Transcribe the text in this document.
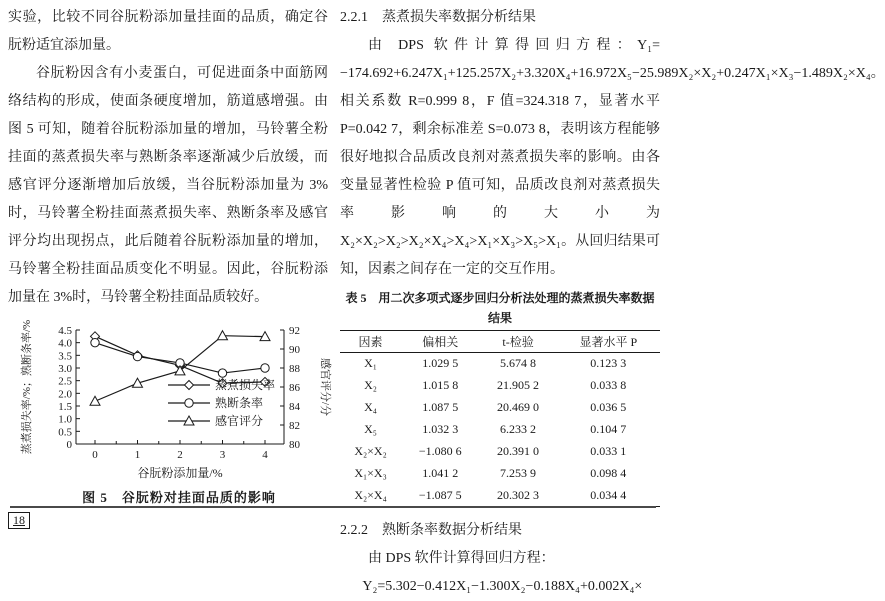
实验，比较不同谷朊粉添加量挂面的品质，确定谷朊粉适宜添加量。
谷朊粉因含有小麦蛋白，可促进面条中面筋网络结构的形成，使面条硬度增加，筋道感增强。由图 5 可知，随着谷朊粉添加量的增加，马铃薯全粉挂面的蒸煮损失率与熟断条率逐渐减少后放缓，而感官评分逐渐增加后放缓，当谷朊粉添加量为 3%时，马铃薯全粉挂面蒸煮损失率、熟断条率及感官评分均出现拐点，此后随着谷朊粉添加量的增加，马铃薯全粉挂面品质变化不明显。因此，谷朊粉添加量在 3%时，马铃薯全粉挂面品质较好。
0
0.5
1.0
1.5
2.0
2.5
3.0
3.5
4.0
4.5
80
82
84
86
88
90
92
0	1	2	3	4
蒸煮损失率/%；熟断条率/%	感官评分/分
谷朊粉添加量/%
蒸煮损失率
熟断条率
感官评分
图 5　谷朊粉对挂面品质的影响
2.2.1　蒸煮损失率数据分析结果
由 DPS 软件计算得回归方程：Y₁= −174.692+6.247X₁+125.257X₂+3.320X₄+16.972X₅−25.989X₂×X₂+0.247X₁×X₃−1.489X₂×X₄。相关系数 R=0.999 8，F 值=324.318 7，显著水平 P=0.042 7，剩余标准差 S=0.073 8，表明该方程能够很好地拟合品质改良剂对蒸煮损失率的影响。由各变量显著性检验 P 值可知，品质改良剂对蒸煮损失率影响的大小为 X₂×X₂>X₂>X₂×X₄>X₄>X₁×X₃>X₅>X₁。从回归结果可知，因素之间存在一定的交互作用。
表 5　用二次多项式逐步回归分析法处理的蒸煮损失率数据结果
因素	偏相关	t-检验	显著水平 P
X₁	1.029 5	5.674 8	0.123 3
X₂	1.015 8	21.905 2	0.033 8
X₄	1.087 5	20.469 0	0.036 5
X₅	1.032 3	6.233 2	0.104 7
X₂×X₂	−1.080 6	20.391 0	0.033 1
X₁×X₃	1.041 2	7.253 9	0.098 4
X₂×X₄	−1.087 5	20.302 3	0.034 4
2.2.2　熟断条率数据分析结果
由 DPS 软件计算得回归方程：
Y₂=5.302−0.412X₁−1.300X₂−0.188X₄+0.002X₄×
18
